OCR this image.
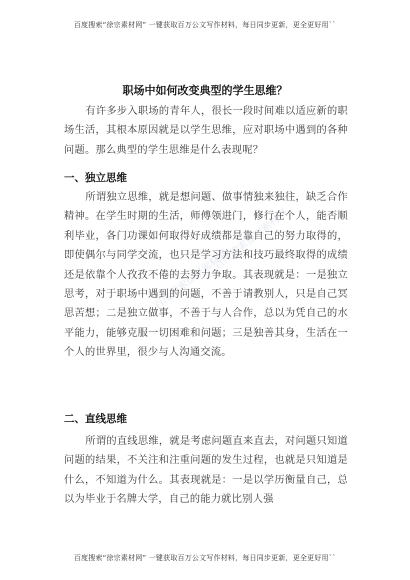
百度搜索“徐宗素材网” 一键获取百万公文写作材料，每日同步更新，更全更好用``
百度搜索徐宗素材网
百度搜索徐宗素材网
职场中如何改变典型的学生思维？

有许多步入职场的青年人，很长一段时间难以适应新的职场生活，其根本原因就是以学生思维，应对职场中遇到的各种问题。那么典型的学生思维是什么表现呢？

一、独立思维

所谓独立思维，就是想问题、做事情独来独往，缺乏合作精神。在学生时期的生活，师傅领进门，修行在个人，能否顺利毕业，各门功课如何取得好成绩都是靠自己的努力取得的，即使偶尔与同学交流，也只是学习方法和技巧最终取得的成绩还是依靠个人孜孜不倦的去努力争取。其表现就是：一是独立思考，对于职场中遇到的问题，不善于请教别人，只是自己冥思苦想；二是独立做事，不善于与人合作，总以为凭自己的水平能力，能够克服一切困难和问题；三是独善其身，生活在一个人的世界里，很少与人沟通交流。

二、直线思维

所谓的直线思维，就是考虑问题直来直去，对问题只知道问题的结果，不关注和注重问题的发生过程，也就是只知道是什么，不知道为什么。其表现就是：一是以学历衡量自己，总以为毕业于名牌大学，自己的能力就比别人强

百度搜索“徐宗素材网” 一键获取百万公文写作材料，每日同步更新，更全更好用``
